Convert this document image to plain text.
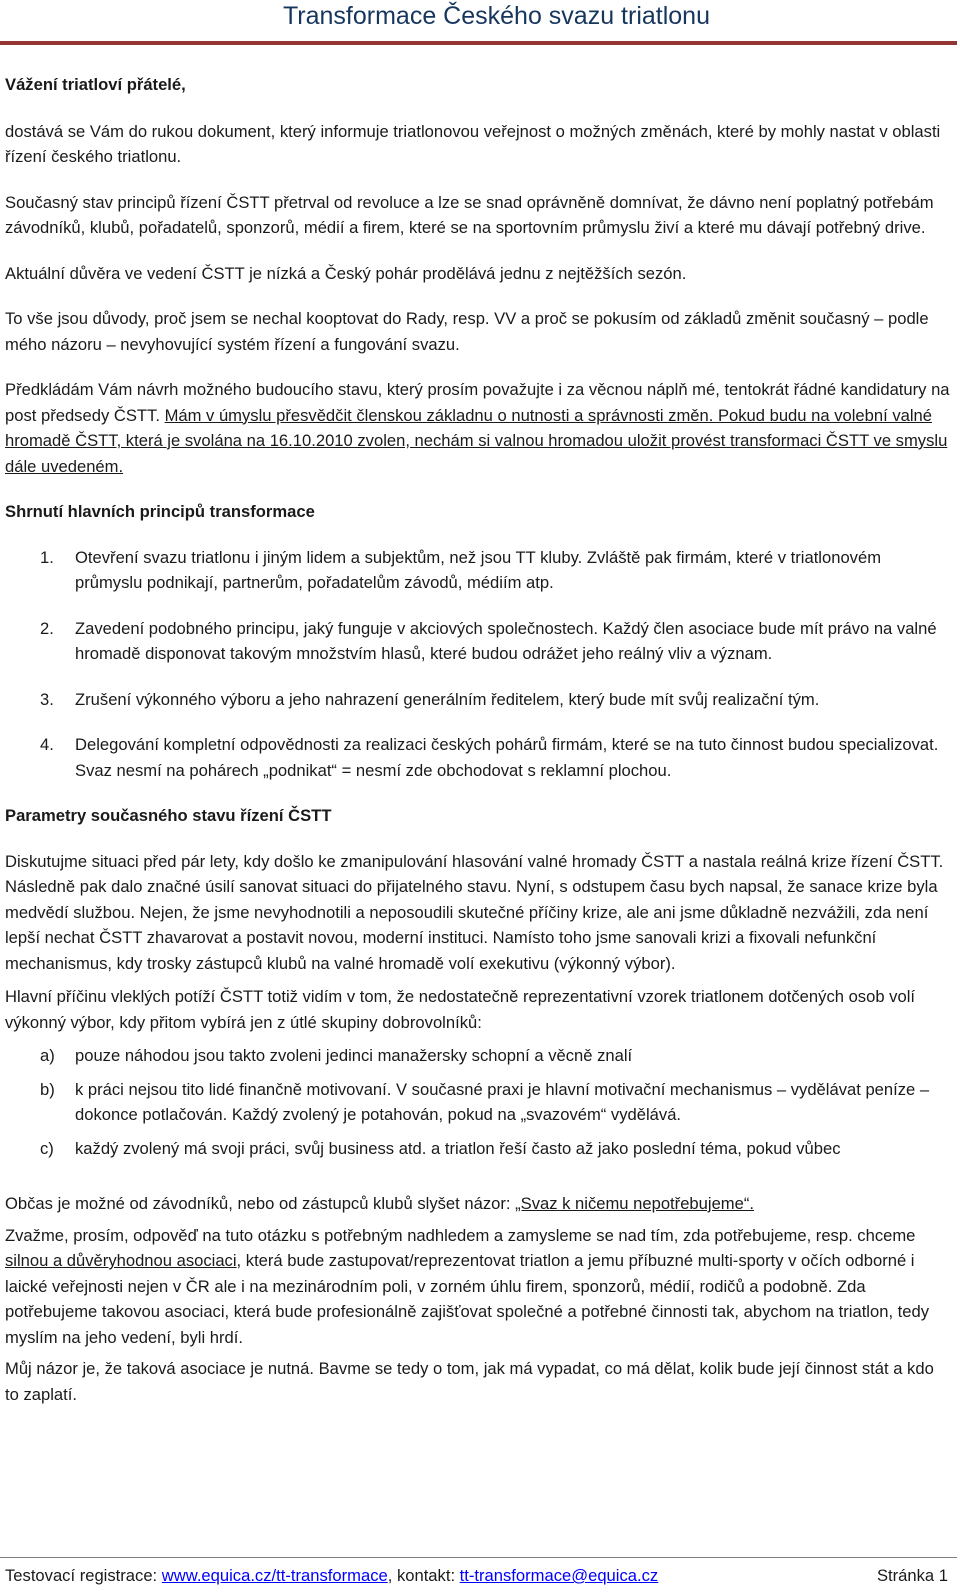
Transformace Českého svazu triatlonu

Vážení triatloví přátelé,

dostává se Vám do rukou dokument, který informuje triatlonovou veřejnost o možných změnách, které by mohly nastat v oblasti řízení českého triatlonu.

Současný stav principů řízení ČSTT přetrval od revoluce a lze se snad oprávněně domnívat, že dávno není poplatný potřebám závodníků, klubů, pořadatelů, sponzorů, médií a firem, které se na sportovním průmyslu živí a které mu dávají potřebný drive.

Aktuální důvěra ve vedení ČSTT je nízká a Český pohár prodělává jednu z nejtěžších sezón.

To vše jsou důvody, proč jsem se nechal kooptovat do Rady, resp. VV a proč se pokusím od základů změnit současný – podle mého názoru – nevyhovující systém řízení a fungování svazu.

Předkládám Vám návrh možného budoucího stavu, který prosím považujte i za věcnou náplň mé, tentokrát řádné kandidatury na post předsedy ČSTT. Mám v úmyslu přesvědčit členskou základnu o nutnosti a správnosti změn. Pokud budu na volební valné hromadě ČSTT, která je svolána na 16.10.2010 zvolen, nechám si valnou hromadou uložit provést transformaci ČSTT ve smyslu dále uvedeném.

Shrnutí hlavních principů transformace

1.	Otevření svazu triatlonu i jiným lidem a subjektům, než jsou TT kluby. Zvláště pak firmám, které v triatlonovém průmyslu podnikají, partnerům, pořadatelům závodů, médiím atp.
2.	Zavedení podobného principu, jaký funguje v akciových společnostech. Každý člen asociace bude mít právo na valné hromadě disponovat takovým množstvím hlasů, které budou odrážet jeho reálný vliv a význam.
3.	Zrušení výkonného výboru a jeho nahrazení generálním ředitelem, který bude mít svůj realizační tým.
4.	Delegování kompletní odpovědnosti za realizaci českých pohárů firmám, které se na tuto činnost budou specializovat. Svaz nesmí na pohárech „podnikat“ = nesmí zde obchodovat s reklamní plochou.

Parametry současného stavu řízení ČSTT

Diskutujme situaci před pár lety, kdy došlo ke zmanipulování hlasování valné hromady ČSTT a nastala reálná krize řízení ČSTT. Následně pak dalo značné úsilí sanovat situaci do přijatelného stavu. Nyní, s odstupem času bych napsal, že sanace krize byla medvědí službou. Nejen, že jsme nevyhodnotili a neposoudili skutečné příčiny krize, ale ani jsme důkladně nezvážili, zda není lepší nechat ČSTT zhavarovat a postavit novou, moderní instituci. Namísto toho jsme sanovali krizi a fixovali nefunkční mechanismus, kdy trosky zástupců klubů na valné hromadě volí exekutivu (výkonný výbor).

Hlavní příčinu vleklých potíží ČSTT totiž vidím v tom, že nedostatečně reprezentativní vzorek triatlonem dotčených osob volí výkonný výbor, kdy přitom vybírá jen z útlé skupiny dobrovolníků:

a)	pouze náhodou jsou takto zvoleni jedinci manažersky schopní a věcně znalí
b)	k práci nejsou tito lidé finančně motivovaní. V současné praxi je hlavní motivační mechanismus – vydělávat peníze – dokonce potlačován. Každý zvolený je potahován, pokud na „svazovém“ vydělává.
c)	každý zvolený má svoji práci, svůj business atd. a triatlon řeší často až jako poslední téma, pokud vůbec

Občas je možné od závodníků, nebo od zástupců klubů slyšet názor: „Svaz k ničemu nepotřebujeme“.

Zvažme, prosím, odpověď na tuto otázku s potřebným nadhledem a zamysleme se nad tím, zda potřebujeme, resp. chceme silnou a důvěryhodnou asociaci, která bude zastupovat/reprezentovat triatlon a jemu příbuzné multi-sporty v očích odborné i laické veřejnosti nejen v ČR ale i na mezinárodním poli, v zorném úhlu firem, sponzorů, médií, rodičů a podobně. Zda potřebujeme takovou asociaci, která bude profesionálně zajišťovat společné a potřebné činnosti tak, abychom na triatlon, tedy myslím na jeho vedení, byli hrdí.

Můj názor je, že taková asociace je nutná. Bavme se tedy o tom, jak má vypadat, co má dělat, kolik bude její činnost stát a kdo to zaplatí.

Testovací registrace: www.equica.cz/tt-transformace, kontakt: tt-transformace@equica.cz	Stránka 1
